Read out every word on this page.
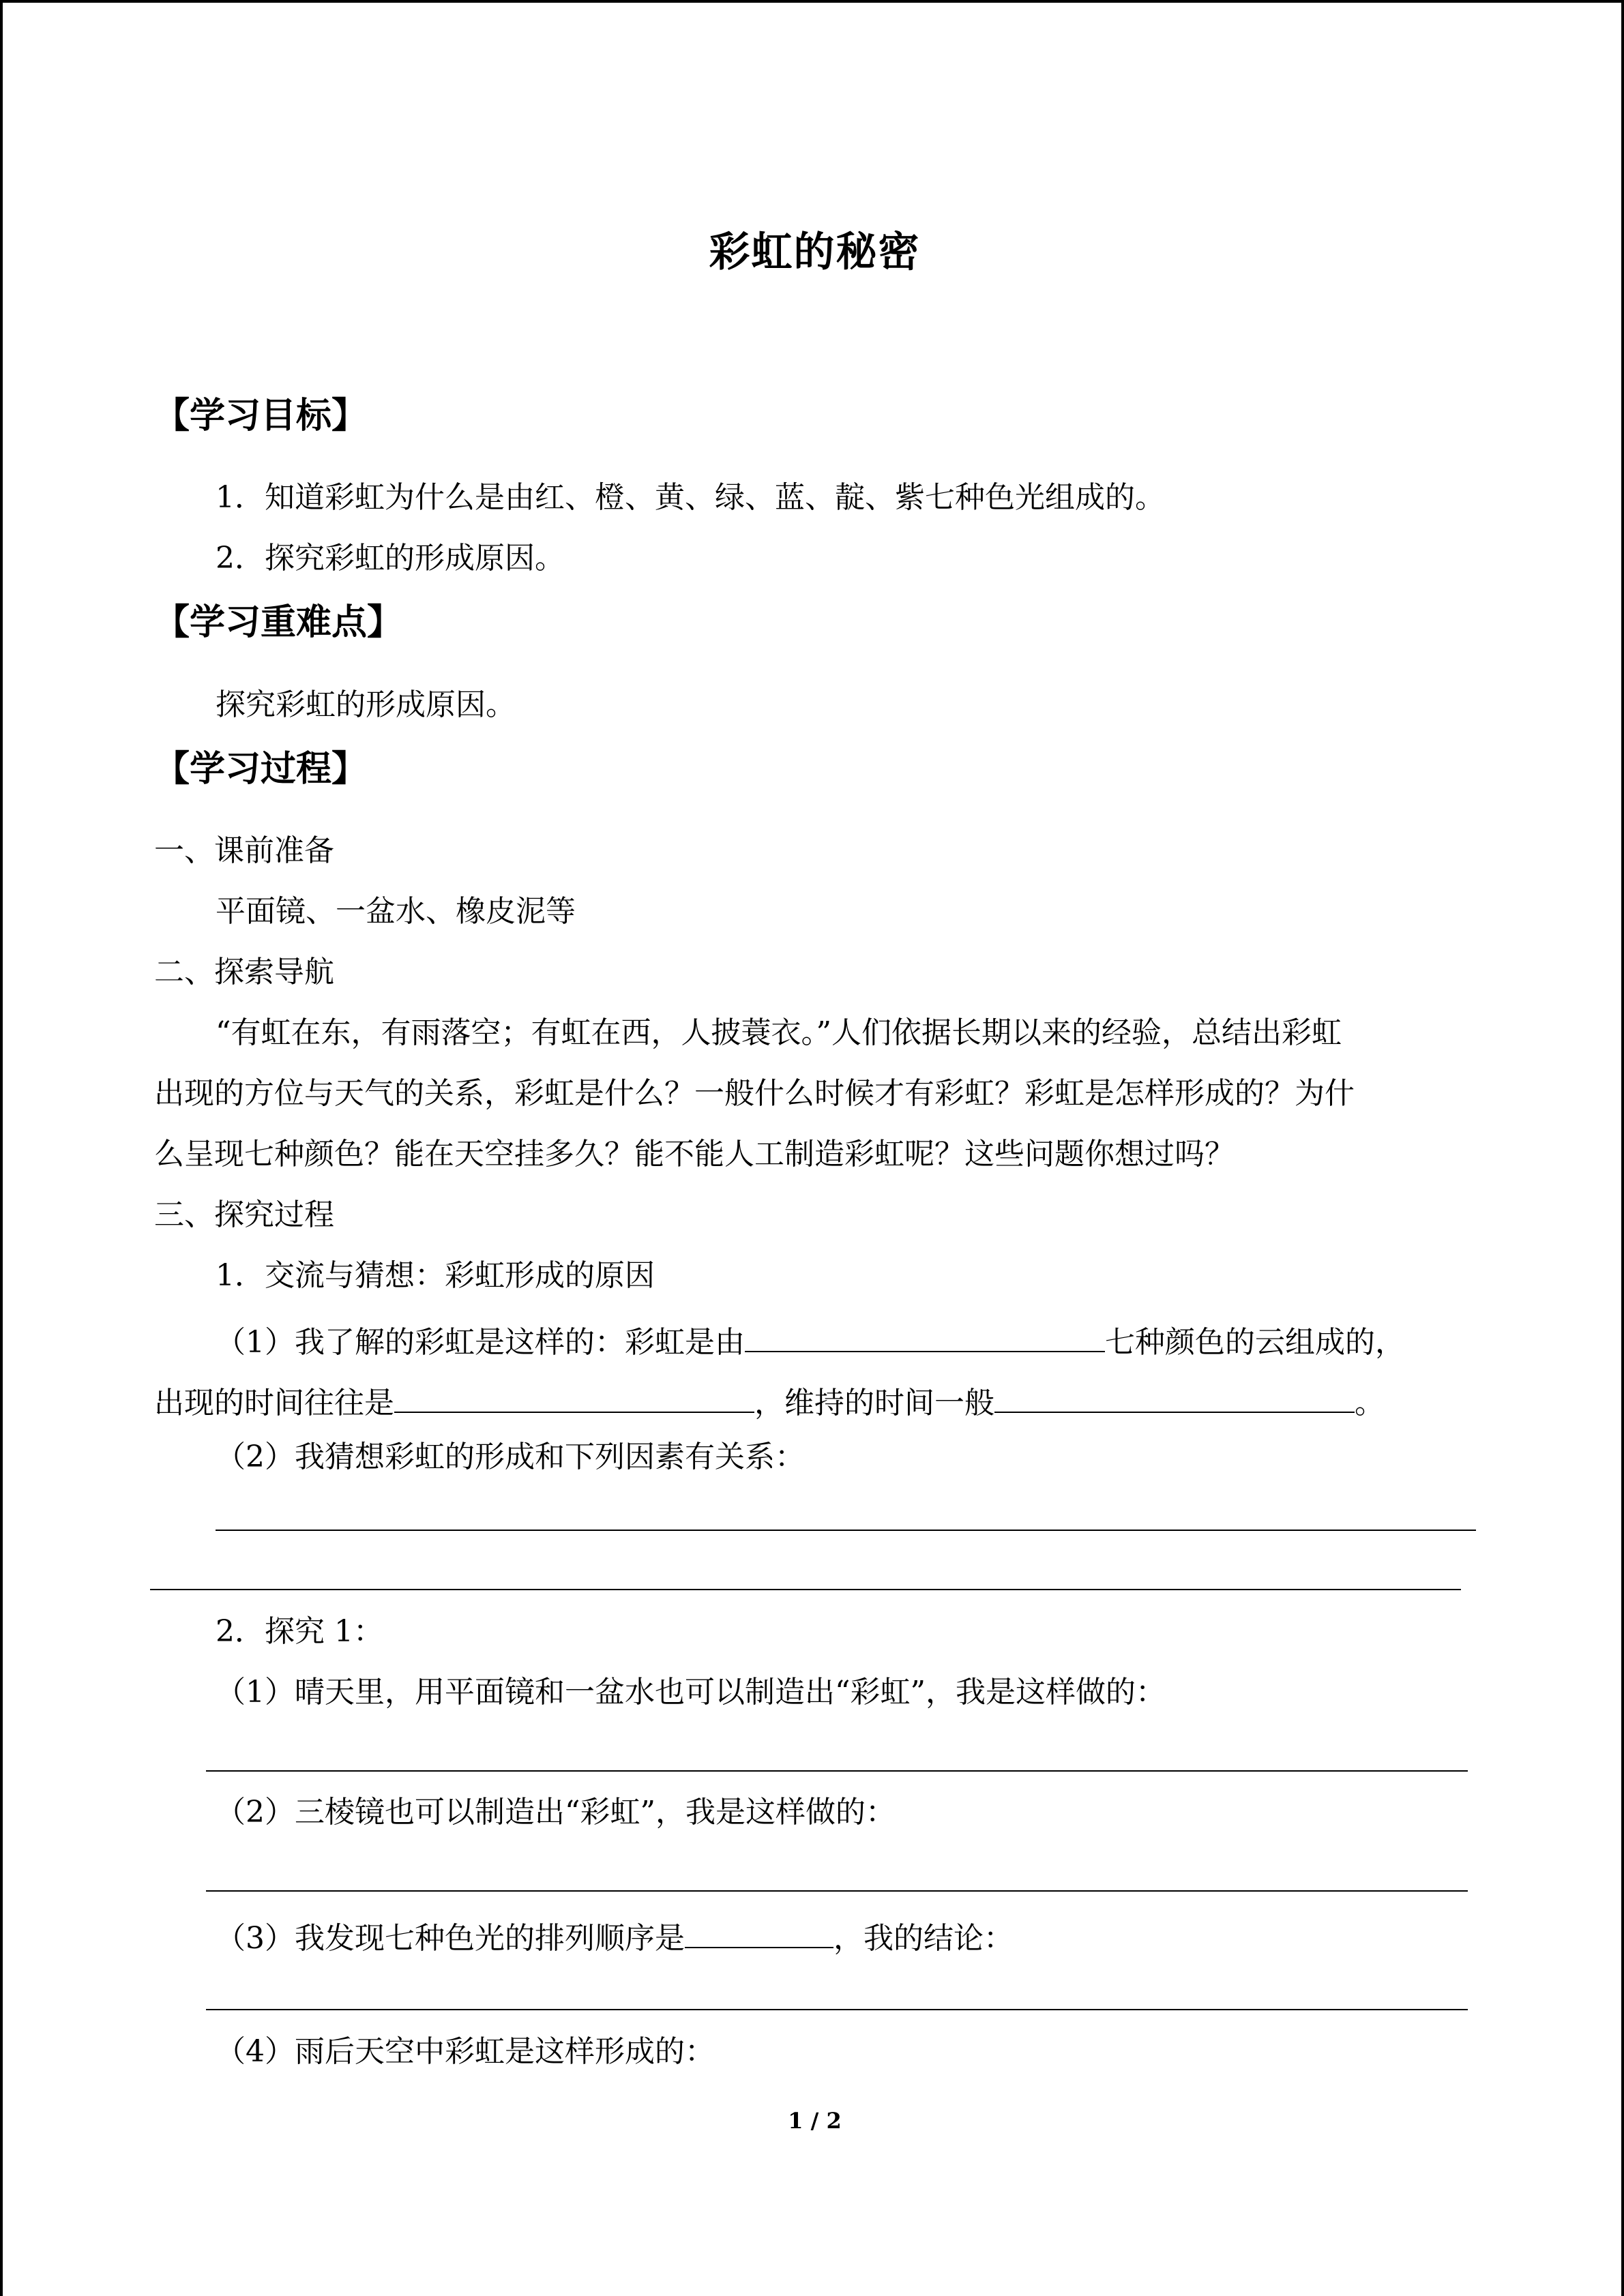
彩虹的秘密
【学习目标】
1．知道彩虹为什么是由红、橙、黄、绿、蓝、靛、紫七种色光组成的。
2．探究彩虹的形成原因。
【学习重难点】
探究彩虹的形成原因。
【学习过程】
一、课前准备
平面镜、一盆水、橡皮泥等
二、探索导航
“有虹在东，有雨落空；有虹在西，人披蓑衣。”人们依据长期以来的经验，总结出彩虹
出现的方位与天气的关系，彩虹是什么？一般什么时候才有彩虹？彩虹是怎样形成的？为什
么呈现七种颜色？能在天空挂多久？能不能人工制造彩虹呢？这些问题你想过吗？
三、探究过程
1．交流与猜想：彩虹形成的原因
（1）我了解的彩虹是这样的：彩虹是由	七种颜色的云组成的，
出现的时间往往是	，维持的时间一般	。
（2）我猜想彩虹的形成和下列因素有关系：
2．探究 1：
（1）晴天里，用平面镜和一盆水也可以制造出“彩虹”，我是这样做的：
（2）三棱镜也可以制造出“彩虹”，我是这样做的：
（3）我发现七种色光的排列顺序是	，我的结论：
（4）雨后天空中彩虹是这样形成的：
1 / 2
